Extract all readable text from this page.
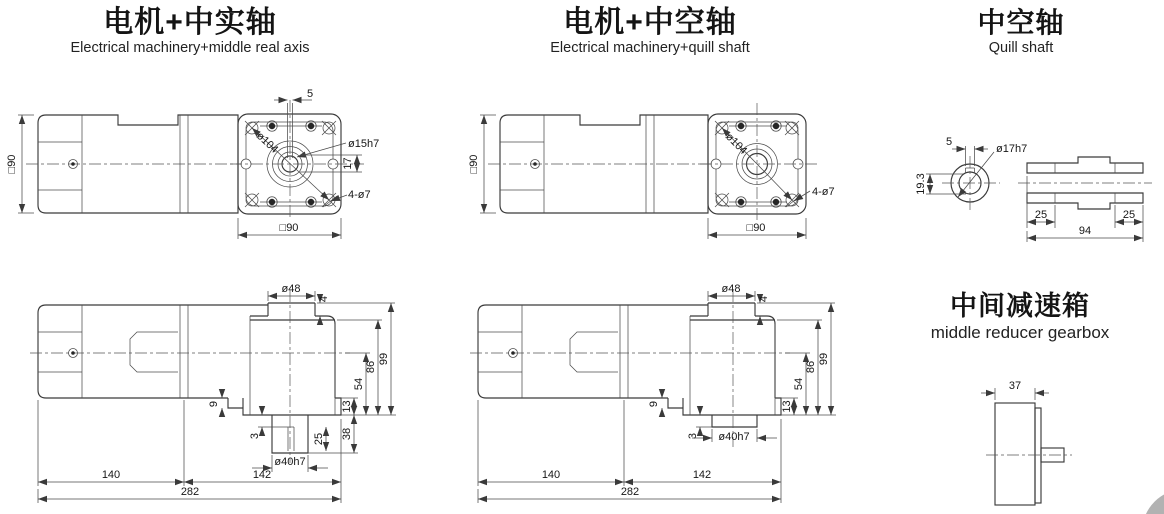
电机+中实轴
Electrical machinery+middle real axis
电机+中空轴
Electrical machinery+quill shaft
中空轴
Quill shaft
中间减速箱
middle reducer gearbox
□90
ø104
5
ø15h7
17
4-ø7
□90
□90
ø104
4-ø7
□90
5
ø17h7
19.3
25	25
94
ø48
4
9
3	25
13
38
54
86
99
ø40h7
140	142
282
ø48
4
9
3
13
54
86
99
ø40h7
140	142
282
37
